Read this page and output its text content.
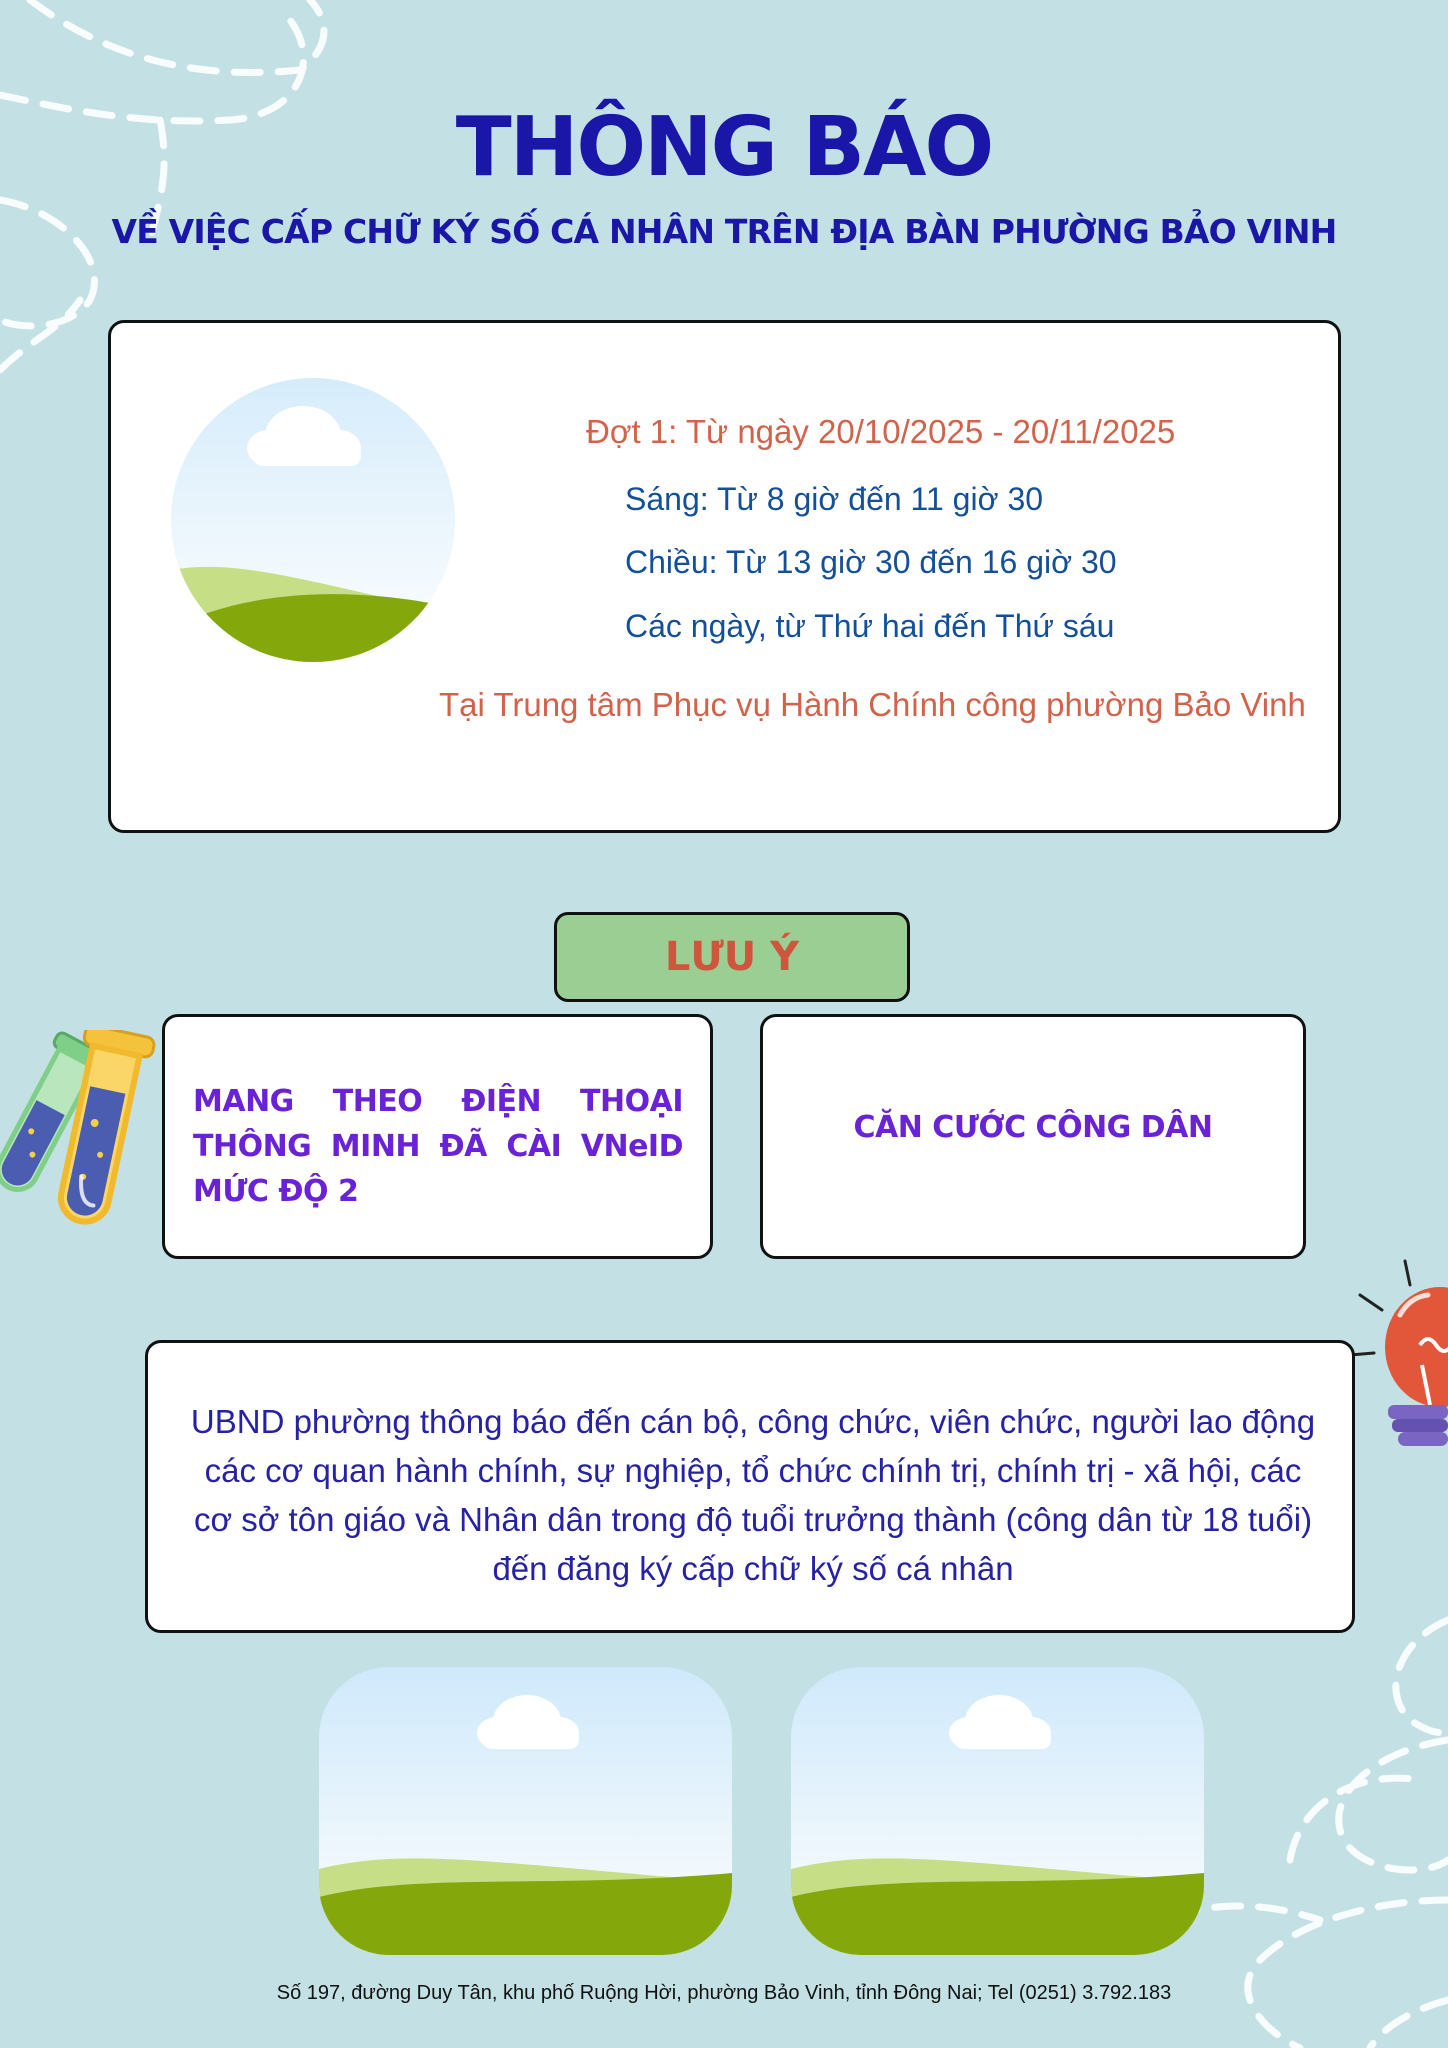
THÔNG BÁO
VỀ VIỆC CẤP CHỮ KÝ SỐ CÁ NHÂN TRÊN ĐỊA BÀN PHƯỜNG BẢO VINH
Đợt 1: Từ ngày 20/10/2025 - 20/11/2025
Sáng: Từ 8 giờ đến 11 giờ 30
Chiều: Từ 13 giờ 30 đến 16 giờ 30
Các ngày, từ Thứ hai đến Thứ sáu
Tại Trung tâm Phục vụ Hành Chính công phường Bảo Vinh
LƯU Ý
MANG THEO ĐIỆN THOẠI THÔNG MINH ĐÃ CÀI VNeID MỨC ĐỘ 2
CĂN CƯỚC CÔNG DÂN
UBND phường thông báo đến cán bộ, công chức, viên chức, người lao động các cơ quan hành chính, sự nghiệp, tổ chức chính trị, chính trị - xã hội, các cơ sở tôn giáo và Nhân dân trong độ tuổi trưởng thành (công dân từ 18 tuổi) đến đăng ký cấp chữ ký số cá nhân
Số 197, đường Duy Tân, khu phố Ruộng Hời, phường Bảo Vinh, tỉnh Đông Nai; Tel (0251) 3.792.183
